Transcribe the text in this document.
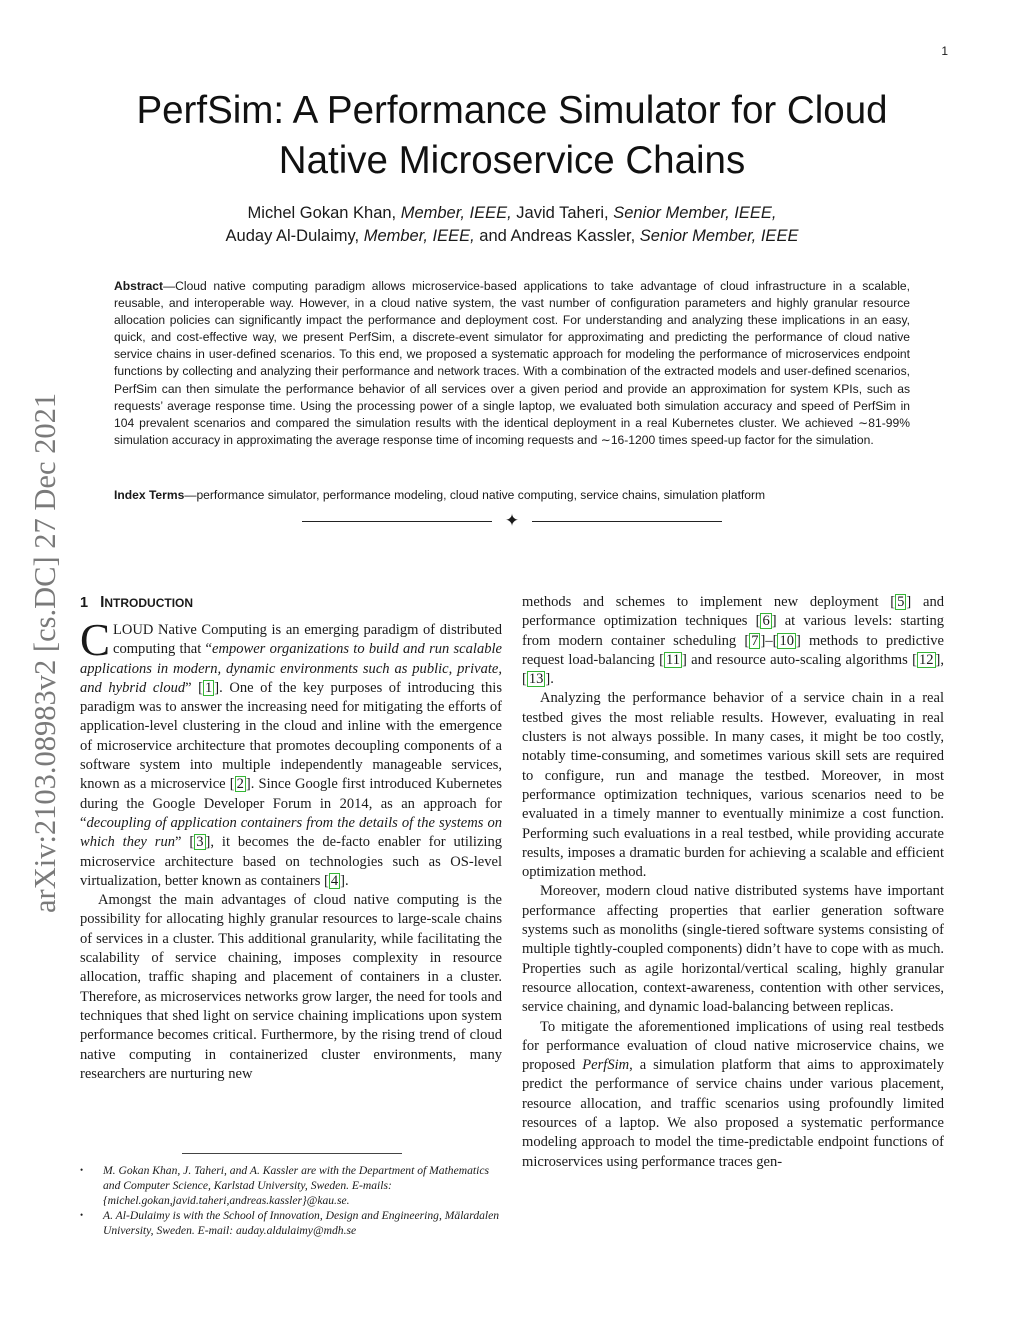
1
arXiv:2103.08983v2 [cs.DC] 27 Dec 2021
PerfSim: A Performance Simulator for Cloud
Native Microservice Chains
Michel Gokan Khan, Member, IEEE, Javid Taheri, Senior Member, IEEE,
Auday Al-Dulaimy, Member, IEEE, and Andreas Kassler, Senior Member, IEEE
Abstract—Cloud native computing paradigm allows microservice-based applications to take advantage of cloud infrastructure in a scalable, reusable, and interoperable way. However, in a cloud native system, the vast number of configuration parameters and highly granular resource allocation policies can significantly impact the performance and deployment cost. For understanding and analyzing these implications in an easy, quick, and cost-effective way, we present PerfSim, a discrete-event simulator for approximating and predicting the performance of cloud native service chains in user-defined scenarios. To this end, we proposed a systematic approach for modeling the performance of microservices endpoint functions by collecting and analyzing their performance and network traces. With a combination of the extracted models and user-defined scenarios, PerfSim can then simulate the performance behavior of all services over a given period and provide an approximation for system KPIs, such as requests’ average response time. Using the processing power of a single laptop, we evaluated both simulation accuracy and speed of PerfSim in 104 prevalent scenarios and compared the simulation results with the identical deployment in a real Kubernetes cluster. We achieved ∼81-99% simulation accuracy in approximating the average response time of incoming requests and ∼16-1200 times speed-up factor for the simulation.
Index Terms—performance simulator, performance modeling, cloud native computing, service chains, simulation platform
✦
1 INTRODUCTION

CLOUD Native Computing is an emerging paradigm of distributed computing that “empower organizations to build and run scalable applications in modern, dynamic environments such as public, private, and hybrid cloud” [ 1 ]. One of the key purposes of introducing this paradigm was to answer the increasing need for mitigating the efforts of application-level clustering in the cloud and inline with the emergence of microservice architecture that promotes decoupling components of a software system into multiple independently manageable services, known as a microservice [ 2 ]. Since Google first introduced Kubernetes during the Google Developer Forum in 2014, as an approach for “decoupling of application containers from the details of the systems on which they run” [ 3 ], it becomes the de-facto enabler for utilizing microservice architecture based on technologies such as OS-level virtualization, better known as containers [ 4 ].

Amongst the main advantages of cloud native computing is the possibility for allocating highly granular resources to large-scale chains of services in a cluster. This additional granularity, while facilitating the scalability of service chaining, imposes complexity in resource allocation, traffic shaping and placement of containers in a cluster. Therefore, as microservices networks grow larger, the need for tools and techniques that shed light on service chaining implications upon system performance becomes critical. Furthermore, by the rising trend of cloud native computing in containerized cluster environments, many researchers are nurturing new

methods and schemes to implement new deployment [ 5 ] and performance optimization techniques [ 6 ] at various levels: starting from modern container scheduling [ 7 ]–[ 10 ] methods to predictive request load-balancing [ 11 ] and resource auto-scaling algorithms [ 12 ], [ 13 ].

Analyzing the performance behavior of a service chain in a real testbed gives the most reliable results. However, evaluating in real clusters is not always possible. In many cases, it might be too costly, notably time-consuming, and sometimes various skill sets are required to configure, run and manage the testbed. Moreover, in most performance optimization techniques, various scenarios need to be evaluated in a timely manner to eventually minimize a cost function. Performing such evaluations in a real testbed, while providing accurate results, imposes a dramatic burden for achieving a scalable and efficient optimization method.

Moreover, modern cloud native distributed systems have important performance affecting properties that earlier generation software systems such as monoliths (single-tiered software systems consisting of multiple tightly-coupled components) didn’t have to cope with as much. Properties such as agile horizontal/vertical scaling, highly granular resource allocation, context-awareness, contention with other services, service chaining, and dynamic load-balancing between replicas.

To mitigate the aforementioned implications of using real testbeds for performance evaluation of cloud native microservice chains, we proposed PerfSim, a simulation platform that aims to approximately predict the performance of service chains under various placement, resource allocation, and traffic scenarios using profoundly limited resources of a laptop. We also proposed a systematic performance modeling approach to model the time-predictable endpoint functions of microservices using performance traces gen-

• M. Gokan Khan, J. Taheri, and A. Kassler are with the Department of Mathematics and Computer Science, Karlstad University, Sweden. E-mails: {michel.gokan,javid.taheri,andreas.kassler}@kau.se.
• A. Al-Dulaimy is with the School of Innovation, Design and Engineering, Mälardalen University, Sweden. E-mail: auday.aldulaimy@mdh.se
